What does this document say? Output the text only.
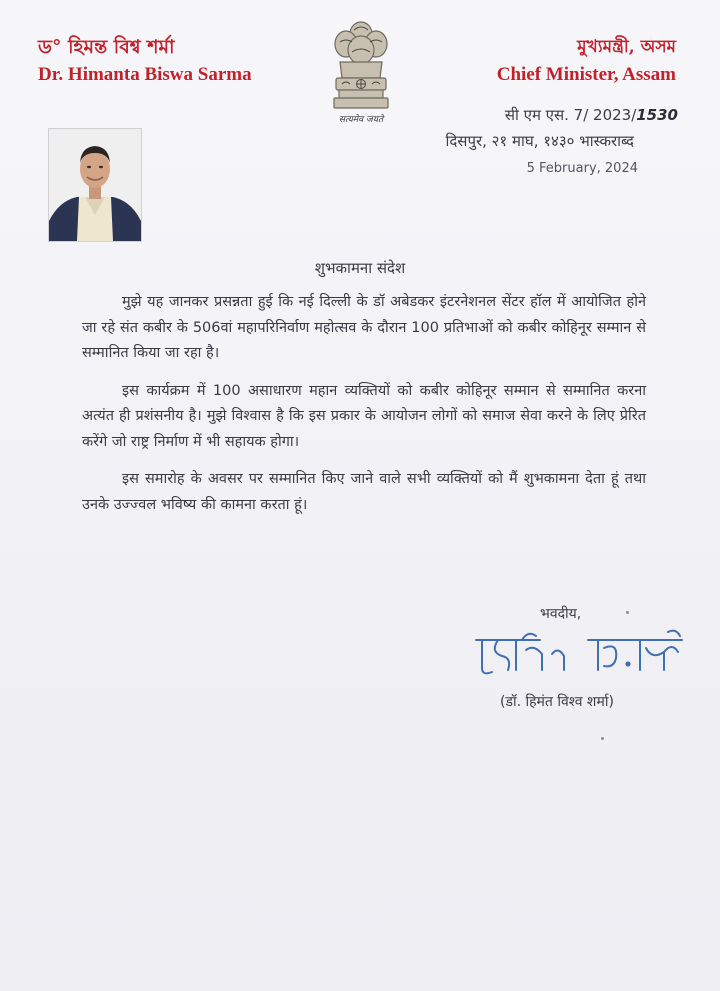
ড° হিমন্ত বিশ্ব শৰ্মা
Dr. Himanta Biswa Sarma
सत्यमेव जयते
মুখ্যমন্ত্ৰী, অসম
Chief Minister, Assam
सी एम एस. 7/ 2023/1530
दिसपुर, २१ माघ, १४३० भास्कराब्द
5 February, 2024
शुभकामना संदेश

मुझे यह जानकर प्रसन्नता हुई कि नई दिल्ली के डॉ अबेडकर इंटरनेशनल सेंटर हॉल में आयोजित होने जा रहे संत कबीर के 506वां महापरिनिर्वाण महोत्सव के दौरान 100 प्रतिभाओं को कबीर कोहिनूर सम्मान से सम्मानित किया जा रहा है।

इस कार्यक्रम में 100 असाधारण महान व्यक्तियों को कबीर कोहिनूर सम्मान से सम्मानित करना अत्यंत ही प्रशंसनीय है। मुझे विश्वास है कि इस प्रकार के आयोजन लोगों को समाज सेवा करने के लिए प्रेरित करेंगे जो राष्ट्र निर्माण में भी सहायक होगा।

इस समारोह के अवसर पर सम्मानित किए जाने वाले सभी व्यक्तियों को मैं शुभकामना देता हूं तथा उनके उज्ज्वल भविष्य की कामना करता हूं।

भवदीय,
(डॉ. हिमंत विश्व शर्मा)
